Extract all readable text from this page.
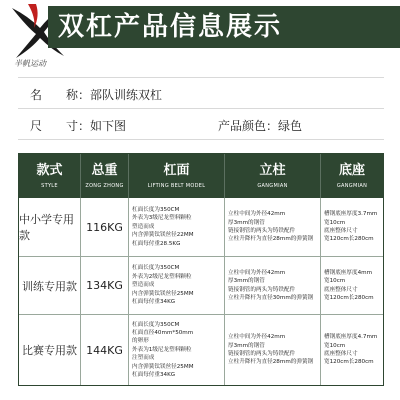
半帆运动
双杠产品信息展示
名　　称：部队训练双杠
尺　　寸：如下图	产品颜色：绿色
款式
STYLE
总重
ZONG ZHONG
杠面
LIFTING BELT MODEL
立柱
GANGMIAN
底座
GANGMIAN
中小学专用款
116KG
杠面长度为350CM
外表为3级尼龙塑料颗粒
塑造而成
内含弹簧钛镁丝径22MM
杠面每付重28.5KG
立柱中间为外径42mm
厚3mm的钢管
链接钢管的两头为铸铁配件
立柱升降杆为直径28mm的弹簧钢
槽钢底座厚度3.7mm
宽10cm
底座整体尺寸
宽120cm长280cm
训练专用款 134KG
杠面长度为350CM
外表为2级尼龙塑料颗粒
塑造而成
内含弹簧钛镁丝径25MM
杠面每付重34KG
立柱中间为外径42mm
厚3mm的钢管
链接钢管的两头为铸铁配件
立柱升降杆为直径30mm的弹簧钢
槽钢底座厚度4mm
宽10cm
底座整体尺寸
宽120cm长280cm
比赛专用款 144KG
杠面长度为350CM
杠面直径40mm*50mm
的卵形
外表为1级尼龙塑料颗粒
注塑而成
内含弹簧钛镁丝径25MM
杠面每付重34KG
立柱中间为外径42mm
厚3mm的钢管
链接钢管的两头为铸铁配件
立柱升降杆为直径28mm的弹簧钢
槽钢底座厚度4.7mm
宽10cm
底座整体尺寸
宽120cm长280cm
